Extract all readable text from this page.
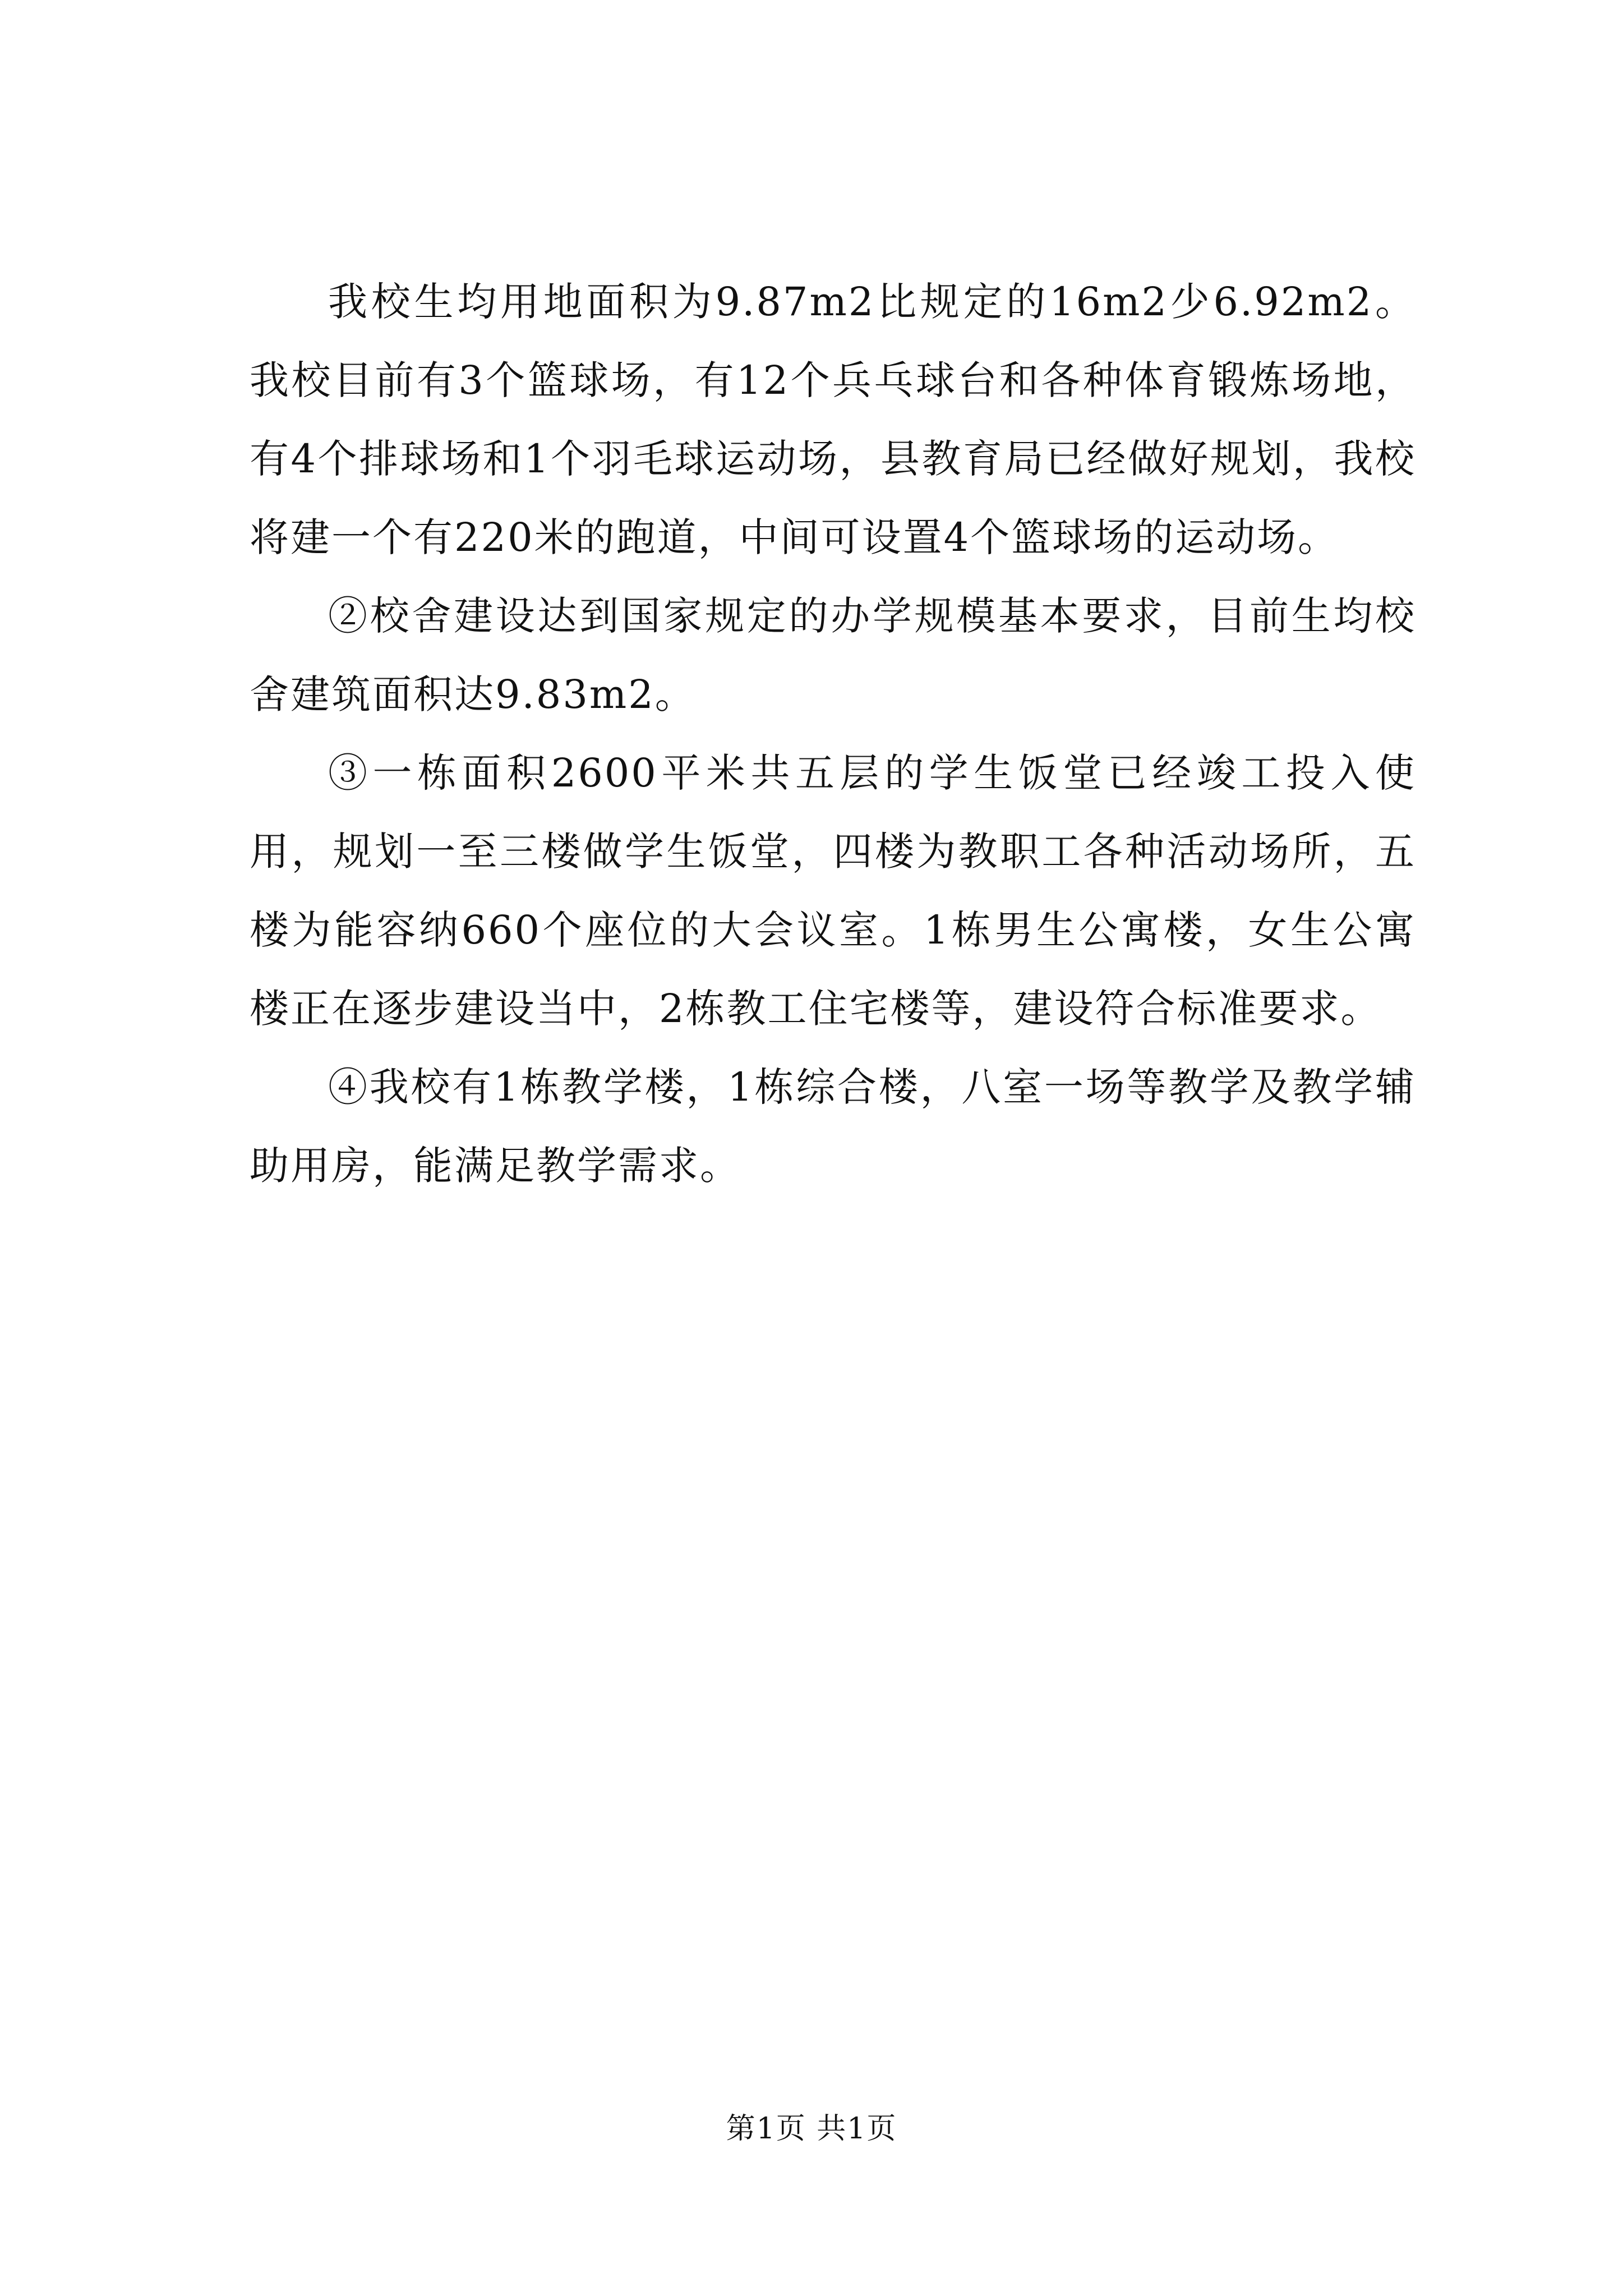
我校生均用地面积为9.87m2比规定的16m2少6.92m2。我校目前有3个篮球场，有12个兵乓球台和各种体育锻炼场地，有4个排球场和1个羽毛球运动场，县教育局已经做好规划，我校将建一个有220米的跑道，中间可设置4个篮球场的运动场。

②校舍建设达到国家规定的办学规模基本要求，目前生均校舍建筑面积达9.83m2。

③一栋面积2600平米共五层的学生饭堂已经竣工投入使用，规划一至三楼做学生饭堂，四楼为教职工各种活动场所，五楼为能容纳660个座位的大会议室。1栋男生公寓楼，女生公寓楼正在逐步建设当中，2栋教工住宅楼等，建设符合标准要求。

④我校有1栋教学楼，1栋综合楼，八室一场等教学及教学辅助用房，能满足教学需求。

第1页 共1页
